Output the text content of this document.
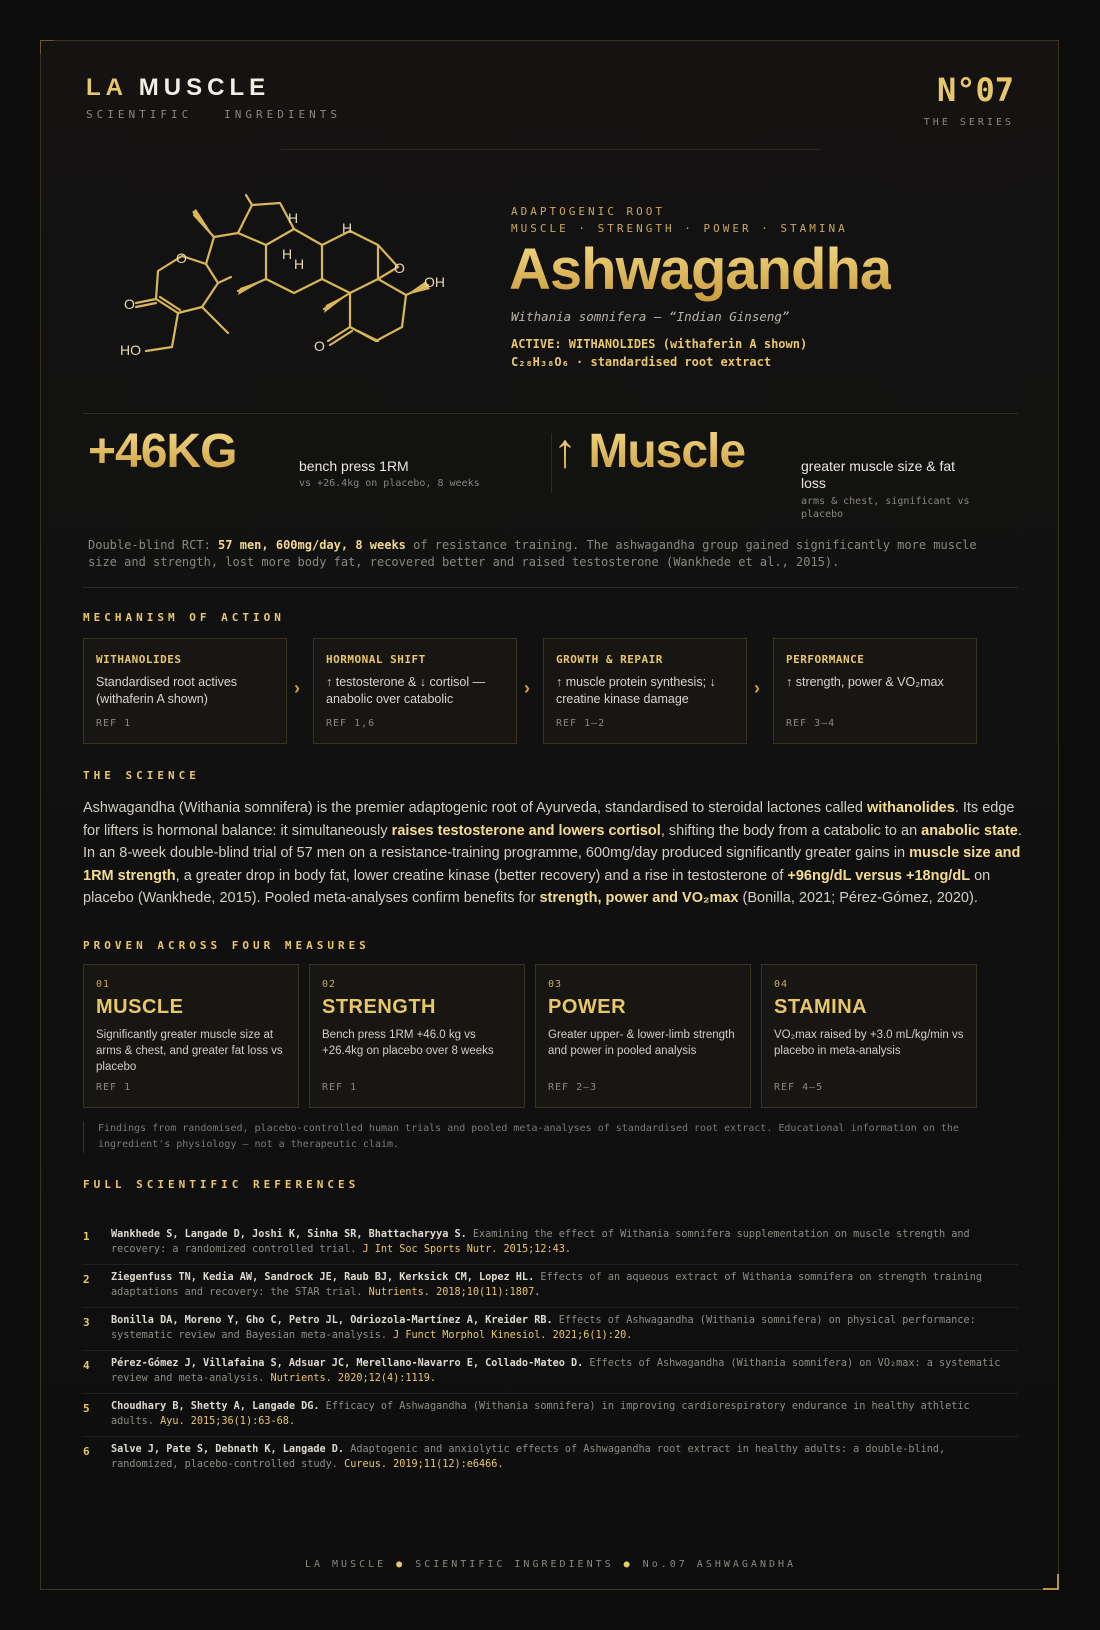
LA MUSCLE
SCIENTIFIC   INGREDIENTS
N°07
THE SERIES
H
H
H
H
O
O
OH
O
O
HO
ADAPTOGENIC ROOT
MUSCLE · STRENGTH · POWER · STAMINA
Ashwagandha
Withania somnifera — “Indian Ginseng”
ACTIVE: WITHANOLIDES (withaferin A shown)
C₂₈H₃₈O₆ · standardised root extract
+46KG	bench press 1RM
vs +26.4kg on placebo, 8 weeks
↑ Muscle	greater muscle size & fat loss
arms & chest, significant vs placebo
Double-blind RCT: 57 men, 600mg/day, 8 weeks of resistance training. The ashwagandha group gained significantly more muscle size and strength, lost more body fat, recovered better and raised testosterone (Wankhede et al., 2015).
MECHANISM OF ACTION
WITHANOLIDES
Standardised root actives (withaferin A shown)
REF 1
›
HORMONAL SHIFT
↑ testosterone & ↓ cortisol — anabolic over catabolic
REF 1,6
›
GROWTH & REPAIR
↑ muscle protein synthesis; ↓ creatine kinase damage
REF 1–2
›
PERFORMANCE
↑ strength, power & VO₂max
REF 3–4
THE SCIENCE
Ashwagandha (Withania somnifera) is the premier adaptogenic root of Ayurveda, standardised to steroidal lactones called withanolides. Its edge for lifters is hormonal balance: it simultaneously raises testosterone and lowers cortisol, shifting the body from a catabolic to an anabolic state. In an 8-week double-blind trial of 57 men on a resistance-training programme, 600mg/day produced significantly greater gains in muscle size and 1RM strength, a greater drop in body fat, lower creatine kinase (better recovery) and a rise in testosterone of +96ng/dL versus +18ng/dL on placebo (Wankhede, 2015). Pooled meta-analyses confirm benefits for strength, power and VO₂max (Bonilla, 2021; Pérez-Gómez, 2020).
PROVEN ACROSS FOUR MEASURES
01
MUSCLE
Significantly greater muscle size at arms & chest, and greater fat loss vs placebo
REF 1
02
STRENGTH
Bench press 1RM +46.0 kg vs +26.4kg on placebo over 8 weeks
REF 1
03
POWER
Greater upper- & lower-limb strength and power in pooled analysis
REF 2–3
04
STAMINA
VO₂max raised by +3.0 mL/kg/min vs placebo in meta-analysis
REF 4–5
Findings from randomised, placebo-controlled human trials and pooled meta-analyses of standardised root extract. Educational information on the ingredient's physiology — not a therapeutic claim.
FULL SCIENTIFIC REFERENCES
1 Wankhede S, Langade D, Joshi K, Sinha SR, Bhattacharyya S. Examining the effect of Withania somnifera supplementation on muscle strength and recovery: a randomized controlled trial. J Int Soc Sports Nutr. 2015;12:43.
2 Ziegenfuss TN, Kedia AW, Sandrock JE, Raub BJ, Kerksick CM, Lopez HL. Effects of an aqueous extract of Withania somnifera on strength training adaptations and recovery: the STAR trial. Nutrients. 2018;10(11):1807.
3 Bonilla DA, Moreno Y, Gho C, Petro JL, Odriozola-Martínez A, Kreider RB. Effects of Ashwagandha (Withania somnifera) on physical performance: systematic review and Bayesian meta-analysis. J Funct Morphol Kinesiol. 2021;6(1):20.
4 Pérez-Gómez J, Villafaina S, Adsuar JC, Merellano-Navarro E, Collado-Mateo D. Effects of Ashwagandha (Withania somnifera) on VO₂max: a systematic review and meta-analysis. Nutrients. 2020;12(4):1119.
5 Choudhary B, Shetty A, Langade DG. Efficacy of Ashwagandha (Withania somnifera) in improving cardiorespiratory endurance in healthy athletic adults. Ayu. 2015;36(1):63-68.
6 Salve J, Pate S, Debnath K, Langade D. Adaptogenic and anxiolytic effects of Ashwagandha root extract in healthy adults: a double-blind, randomized, placebo-controlled study. Cureus. 2019;11(12):e6466.
LA MUSCLE ● SCIENTIFIC INGREDIENTS ● No.07 ASHWAGANDHA
